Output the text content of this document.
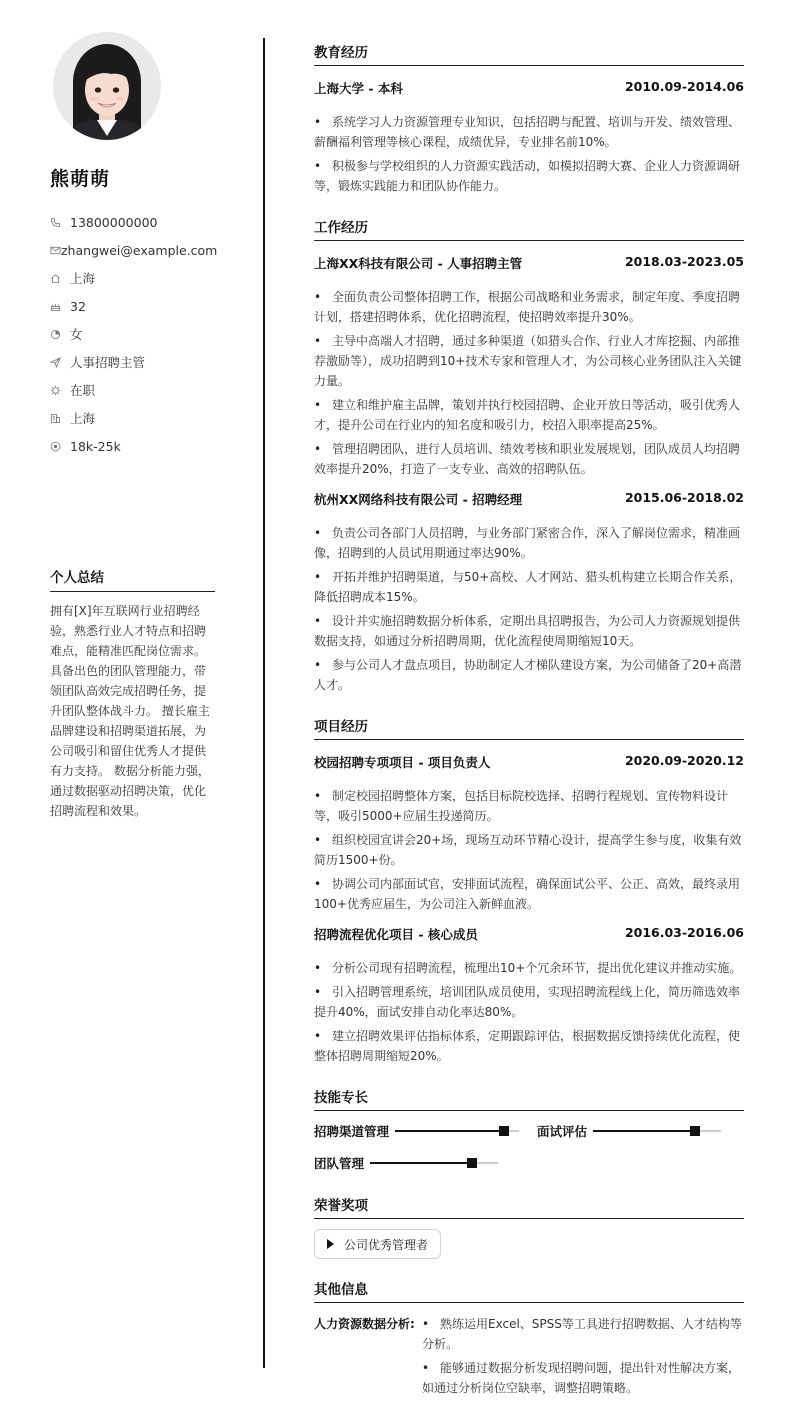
熊萌萌
13800000000
zhangwei@example.com
上海
32
女
人事招聘主管
在职
上海
18k-25k
个人总结
拥有[X]年互联网行业招聘经验，熟悉行业人才特点和招聘难点，能精准匹配岗位需求。具备出色的团队管理能力，带领团队高效完成招聘任务，提升团队整体战斗力。 擅长雇主品牌建设和招聘渠道拓展，为公司吸引和留住优秀人才提供有力支持。 数据分析能力强，通过数据驱动招聘决策，优化招聘流程和效果。
教育经历
上海大学 - 本科	2010.09-2014.06
• 系统学习人力资源管理专业知识，包括招聘与配置、培训与开发、绩效管理、薪酬福利管理等核心课程，成绩优异，专业排名前10%。
• 积极参与学校组织的人力资源实践活动，如模拟招聘大赛、企业人力资源调研等，锻炼实践能力和团队协作能力。
工作经历
上海XX科技有限公司 - 人事招聘主管	2018.03-2023.05
• 全面负责公司整体招聘工作，根据公司战略和业务需求，制定年度、季度招聘计划，搭建招聘体系，优化招聘流程，使招聘效率提升30%。
• 主导中高端人才招聘，通过多种渠道（如猎头合作、行业人才库挖掘、内部推荐激励等），成功招聘到10+技术专家和管理人才，为公司核心业务团队注入关键力量。
• 建立和维护雇主品牌，策划并执行校园招聘、企业开放日等活动，吸引优秀人才，提升公司在行业内的知名度和吸引力，校招入职率提高25%。
• 管理招聘团队，进行人员培训、绩效考核和职业发展规划，团队成员人均招聘效率提升20%，打造了一支专业、高效的招聘队伍。
杭州XX网络科技有限公司 - 招聘经理	2015.06-2018.02
• 负责公司各部门人员招聘，与业务部门紧密合作，深入了解岗位需求，精准画像，招聘到的人员试用期通过率达90%。
• 开拓并维护招聘渠道，与50+高校、人才网站、猎头机构建立长期合作关系，降低招聘成本15%。
• 设计并实施招聘数据分析体系，定期出具招聘报告，为公司人力资源规划提供数据支持，如通过分析招聘周期，优化流程使周期缩短10天。
• 参与公司人才盘点项目，协助制定人才梯队建设方案，为公司储备了20+高潜人才。
项目经历
校园招聘专项项目 - 项目负责人	2020.09-2020.12
• 制定校园招聘整体方案，包括目标院校选择、招聘行程规划、宣传物料设计等，吸引5000+应届生投递简历。
• 组织校园宣讲会20+场，现场互动环节精心设计，提高学生参与度，收集有效简历1500+份。
• 协调公司内部面试官，安排面试流程，确保面试公平、公正、高效，最终录用100+优秀应届生，为公司注入新鲜血液。
招聘流程优化项目 - 核心成员	2016.03-2016.06
• 分析公司现有招聘流程，梳理出10+个冗余环节，提出优化建议并推动实施。
• 引入招聘管理系统，培训团队成员使用，实现招聘流程线上化，简历筛选效率提升40%，面试安排自动化率达80%。
• 建立招聘效果评估指标体系，定期跟踪评估，根据数据反馈持续优化流程，使整体招聘周期缩短20%。
技能专长
招聘渠道管理	面试评估
团队管理
荣誉奖项
公司优秀管理者
其他信息
人力资源数据分析:
•	熟练运用Excel、SPSS等工具进行招聘数据、人才结构等分析。
• 能够通过数据分析发现招聘问题，提出针对性解决方案，如通过分析岗位空缺率，调整招聘策略。
